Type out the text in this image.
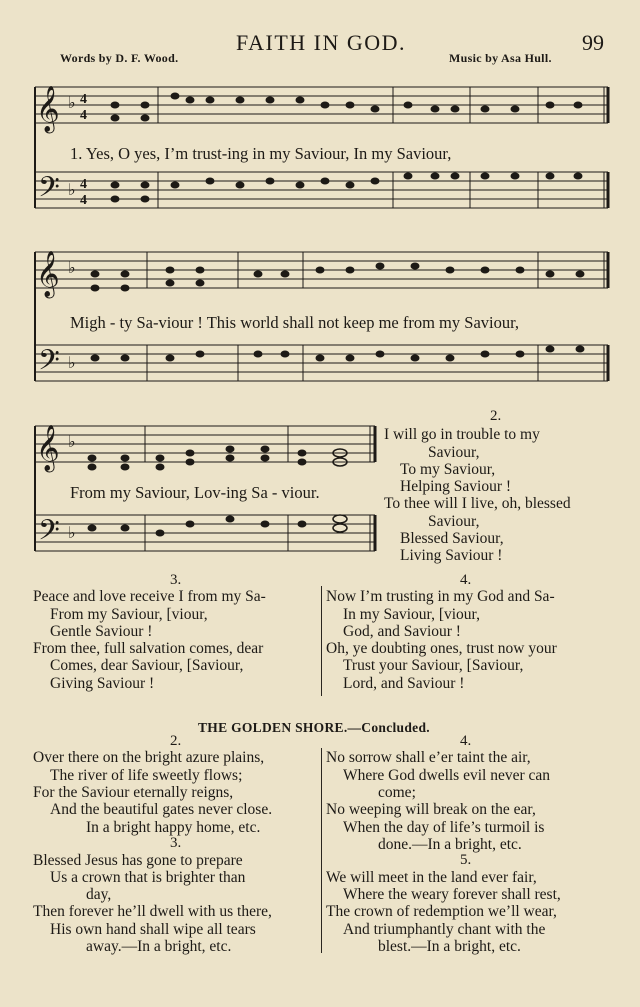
Words by D. F. Wood.
FAITH IN GOD.
Music by Asa Hull.
99
𝄞
𝄢
♭
♭
4
4
4
4
1. Yes, O yes, I’m trust-ing in my Saviour, In my Saviour,
𝄞
𝄢
♭
♭
Migh - ty Sa-viour ! This world shall not keep me from my Saviour,
𝄞
𝄢
♭
♭
From my Saviour, Lov-ing Sa - viour.
2.
I will go in trouble to my
Saviour,
To my Saviour,
Helping Saviour !
To thee will I live, oh, blessed
Saviour,
Blessed Saviour,
Living Saviour !
3.	4.
Peace and love receive I from my Sa-
From my Saviour, [viour,
Gentle Saviour !
From thee, full salvation comes, dear
Comes, dear Saviour, [Saviour,
Giving Saviour !
Now I’m trusting in my God and Sa-
In my Saviour, [viour,
God, and Saviour !
Oh, ye doubting ones, trust now your
Trust your Saviour, [Saviour,
Lord, and Saviour !
THE GOLDEN SHORE.—Concluded.
2.
Over there on the bright azure plains,
The river of life sweetly flows;
For the Saviour eternally reigns,
And the beautiful gates never close.
In a bright happy home, etc.
3.
Blessed Jesus has gone to prepare
Us a crown that is brighter than
day,
Then forever he’ll dwell with us there,
His own hand shall wipe all tears
away.—In a bright, etc.
4.
No sorrow shall e’er taint the air,
Where God dwells evil never can
come;
No weeping will break on the ear,
When the day of life’s turmoil is
done.—In a bright, etc.
5.
We will meet in the land ever fair,
Where the weary forever shall rest,
The crown of redemption we’ll wear,
And triumphantly chant with the
blest.—In a bright, etc.
